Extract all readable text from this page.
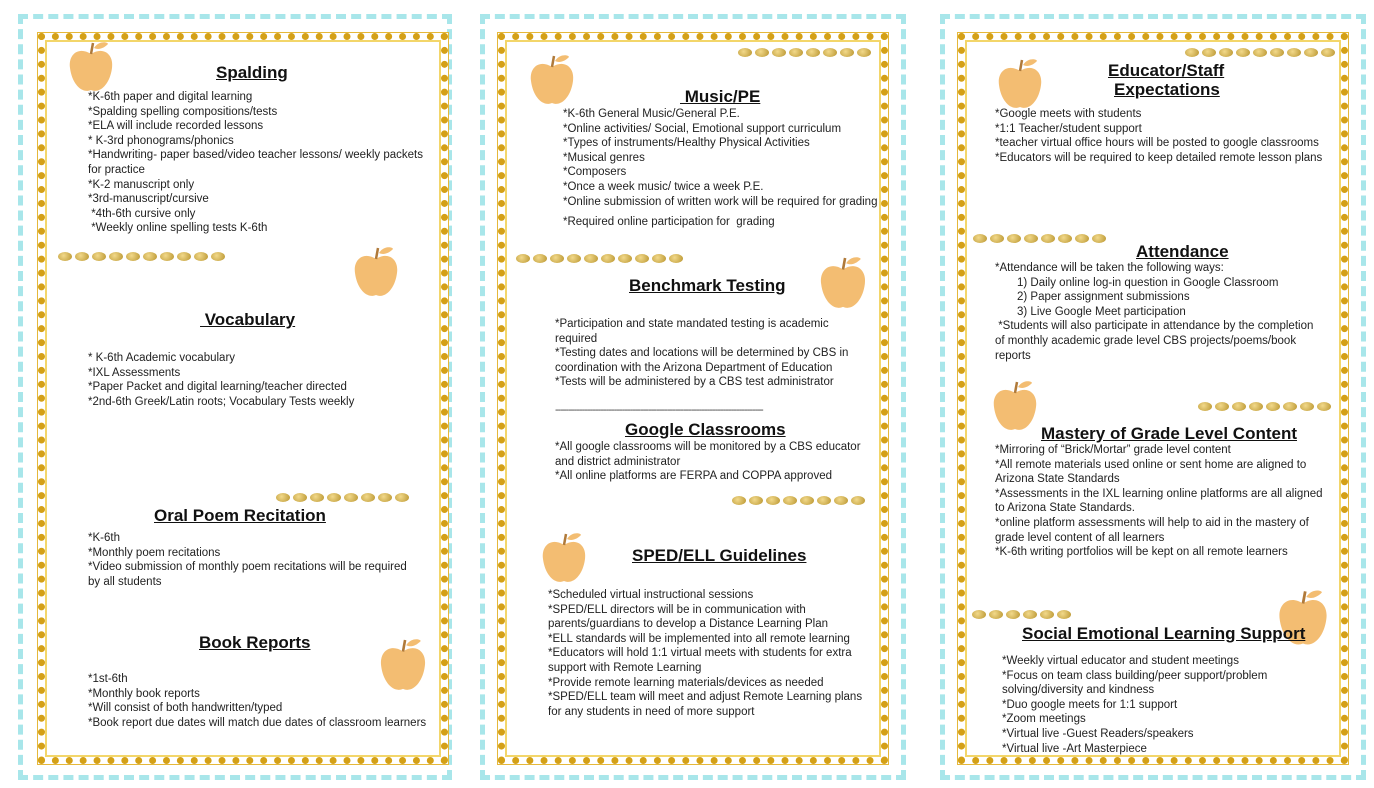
Spalding
*K-6th paper and digital learning
*Spalding spelling compositions/tests
*ELA will include recorded lessons
* K-3rd phonograms/phonics
*Handwriting- paper based/video teacher lessons/ weekly packets for practice
*K-2 manuscript only
*3rd-manuscript/cursive
*4th-6th cursive only
*Weekly online spelling tests K-6th
Vocabulary
* K-6th Academic vocabulary
*IXL Assessments
*Paper Packet and digital learning/teacher directed
*2nd-6th Greek/Latin roots; Vocabulary Tests weekly
Oral Poem Recitation
*K-6th
*Monthly poem recitations
*Video submission of monthly poem recitations will be required by all students
Book Reports
*1st-6th
*Monthly book reports
*Will consist of both handwritten/typed
*Book report due dates will match due dates of classroom learners
Music/PE
*K-6th General Music/General P.E.
*Online activities/ Social, Emotional support curriculum
*Types of instruments/Healthy Physical Activities
*Musical genres
*Composers
*Once a week music/ twice a week P.E.
*Online submission of written work will be required for grading
*Required online participation for  grading
Benchmark Testing
*Participation and state mandated testing is academic required
*Testing dates and locations will be determined by CBS in coordination with the Arizona Department of Education
*Tests will be administered by a CBS test administrator
------------------------------------------------------------------------------
Google Classrooms
*All google classrooms will be monitored by a CBS educator and district administrator
*All online platforms are FERPA and COPPA approved
SPED/ELL Guidelines
*Scheduled virtual instructional sessions
*SPED/ELL directors will be in communication with parents/guardians to develop a Distance Learning Plan
*ELL standards will be implemented into all remote learning
*Educators will hold 1:1 virtual meets with students for extra support with Remote Learning
*Provide remote learning materials/devices as needed
*SPED/ELL team will meet and adjust Remote Learning plans for any students in need of more support
Educator/Staff
Expectations
*Google meets with students
*1:1 Teacher/student support
*teacher virtual office hours will be posted to google classrooms
*Educators will be required to keep detailed remote lesson plans
Attendance
*Attendance will be taken the following ways:
1) Daily online log-in question in Google Classroom
2) Paper assignment submissions
3) Live Google Meet participation
*Students will also participate in attendance by the completion of monthly academic grade level CBS projects/poems/book reports
Mastery of Grade Level Content
*Mirroring of “Brick/Mortar” grade level content
*All remote materials used online or sent home are aligned to Arizona State Standards
*Assessments in the IXL learning online platforms are all aligned to Arizona State Standards.
*online platform assessments will help to aid in the mastery of grade level content of all learners
*K-6th writing portfolios will be kept on all remote learners
Social Emotional Learning Support
*Weekly virtual educator and student meetings
*Focus on team class building/peer support/problem solving/diversity and kindness
*Duo google meets for 1:1 support
*Zoom meetings
*Virtual live -Guest Readers/speakers
*Virtual live -Art Masterpiece
